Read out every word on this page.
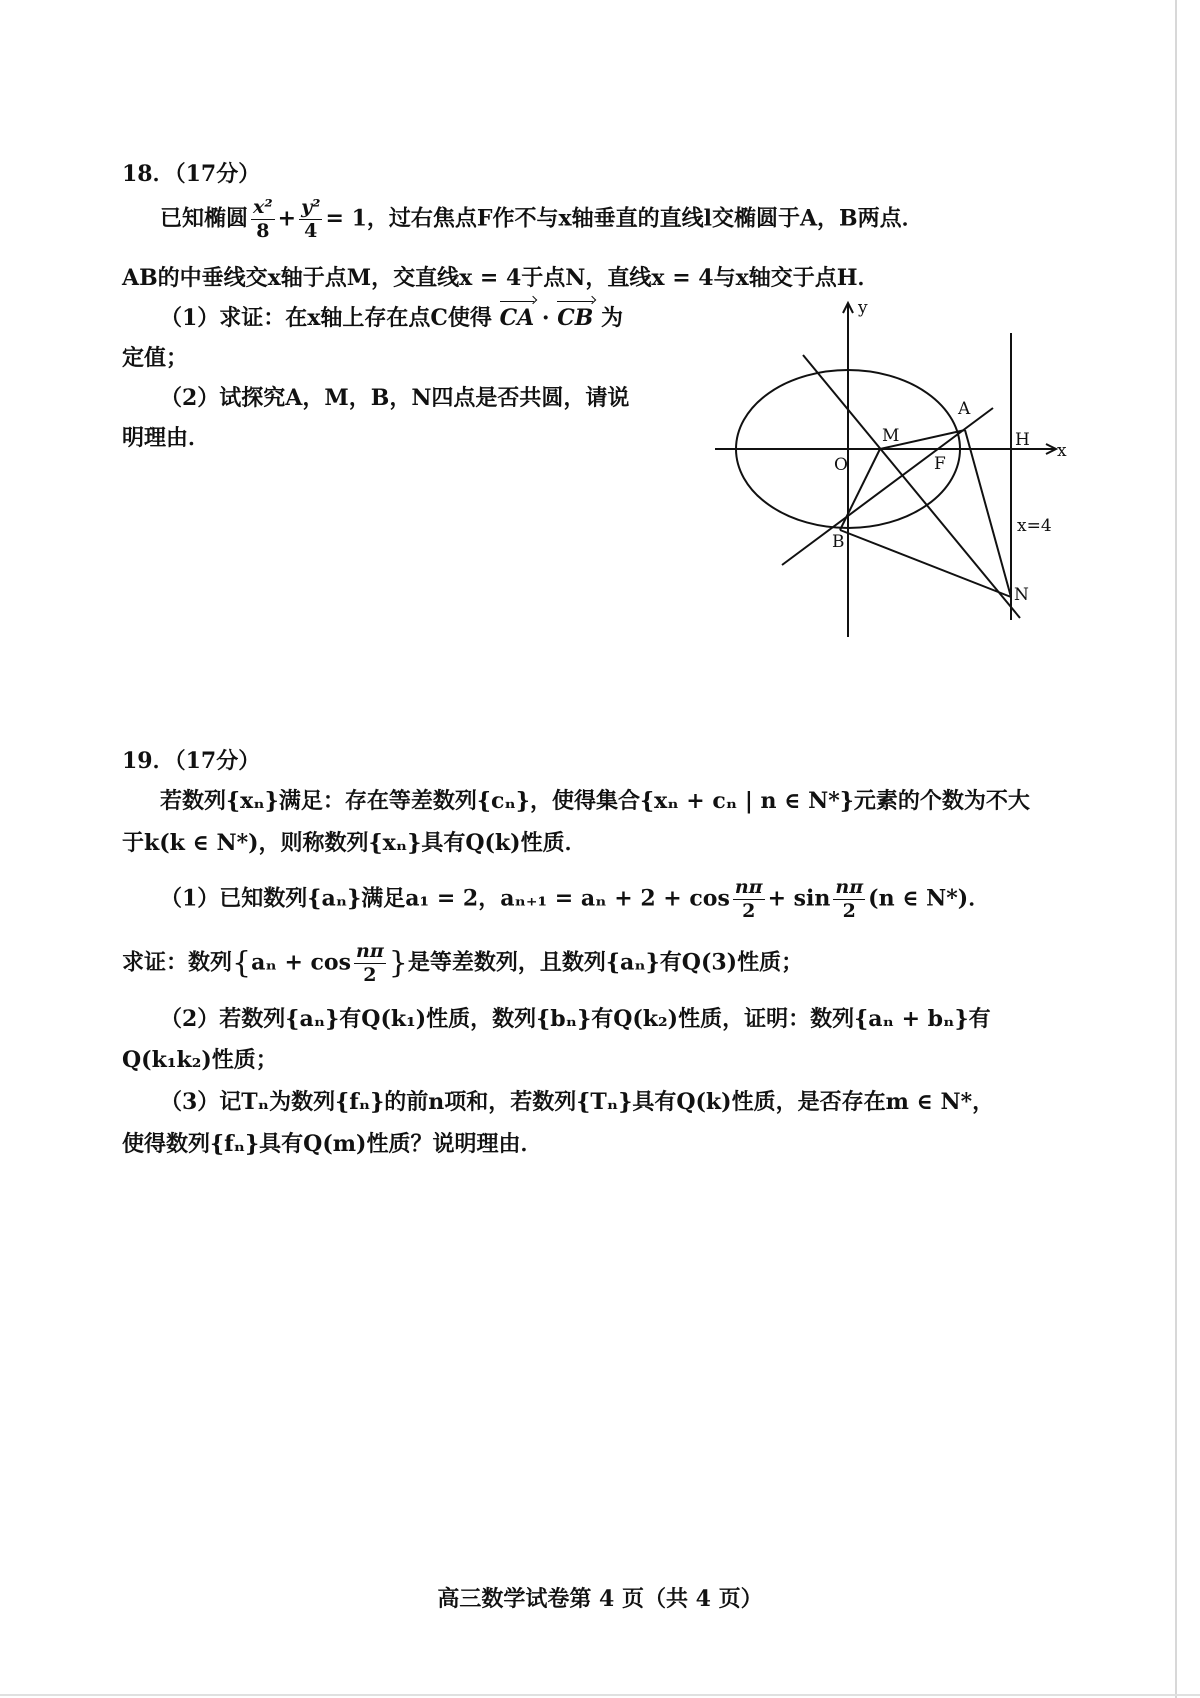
18．（17分）
已知椭圆 $\frac{\text{x²}}{8} + \frac{\text{y²}}{4} = 1$，过右焦点F作不与x轴垂直的直线l交椭圆于A，B两点．
AB的中垂线交x轴于点M，交直线x = 4于点N，直线x = 4与x轴交于点H．
（1）求证：在x轴上存在点C使得 CA · CB 为
定值；
（2）试探究A，M，B，N四点是否共圆，请说
明理由．
y
x
O
M
F
A
H
B
N
x=4
19．（17分）
若数列{xₙ}满足：存在等差数列{cₙ}，使得集合{xₙ + cₙ | n ∈ N*}元素的个数为不大
于k(k ∈ N*)，则称数列{xₙ}具有Q(k)性质．
（1）已知数列{aₙ}满足a₁ = 2，$a_{n+1} = a_n + 2 + \cos \frac{n\pi}{2} + \sin \frac{n\pi}{2} (n$ ∈ N*)．
求证：数列{$a_n + \cos \frac{n\pi}{2}$ }是等差数列，且数列{aₙ}有Q(3)性质；
（2）若数列{aₙ}有Q(k₁)性质，数列{bₙ}有Q(k₂)性质，证明：数列{aₙ + bₙ}有
Q(k₁k₂)性质；
（3）记Tₙ为数列{fₙ}的前n项和，若数列{Tₙ}具有Q(k)性质，是否存在m ∈ N*，
使得数列{fₙ}具有Q(m)性质？说明理由．
高三数学试卷第 4 页（共 4 页）
